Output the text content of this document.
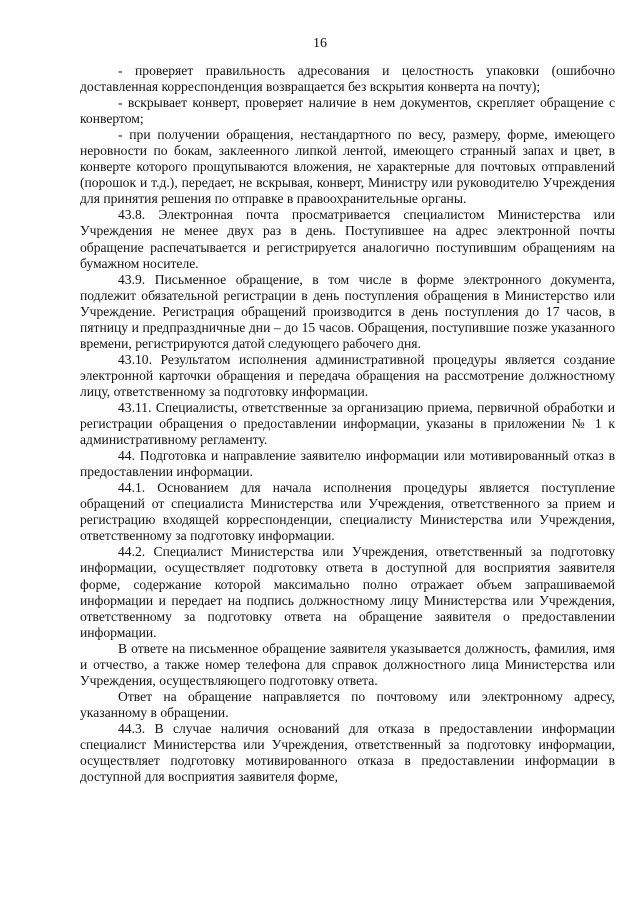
16

- проверяет правильность адресования и целостность упаковки (ошибочно доставленная корреспонденция возвращается без вскрытия конверта на почту);

- вскрывает конверт, проверяет наличие в нем документов, скрепляет обращение с конвертом;

- при получении обращения, нестандартного по весу, размеру, форме, имеющего неровности по бокам, заклеенного липкой лентой, имеющего странный запах и цвет, в конверте которого прощупываются вложения, не характерные для почтовых отправлений (порошок и т.д.), передает, не вскрывая, конверт, Министру или руководителю Учреждения для принятия решения по отправке в правоохранительные органы.

43.8. Электронная почта просматривается специалистом Министерства или Учреждения не менее двух раз в день. Поступившее на адрес электронной почты обращение распечатывается и регистрируется аналогично поступившим обращениям на бумажном носителе.

43.9. Письменное обращение, в том числе в форме электронного документа, подлежит обязательной регистрации в день поступления обращения в Министерство или Учреждение. Регистрация обращений производится в день поступления до 17 часов, в пятницу и предпраздничные дни – до 15 часов. Обращения, поступившие позже указанного времени, регистрируются датой следующего рабочего дня.

43.10. Результатом исполнения административной процедуры является создание электронной карточки обращения и передача обращения на рассмотрение должностному лицу, ответственному за подготовку информации.

43.11. Специалисты, ответственные за организацию приема, первичной обработки и регистрации обращения о предоставлении информации, указаны в приложении № 1 к административному регламенту.

44. Подготовка и направление заявителю информации или мотивированный отказ в предоставлении информации.

44.1. Основанием для начала исполнения процедуры является поступление обращений от специалиста Министерства или Учреждения, ответственного за прием и регистрацию входящей корреспонденции, специалисту Министерства или Учреждения, ответственному за подготовку информации.

44.2. Специалист Министерства или Учреждения, ответственный за подготовку информации, осуществляет подготовку ответа в доступной для восприятия заявителя форме, содержание которой максимально полно отражает объем запрашиваемой информации и передает на подпись должностному лицу Министерства или Учреждения, ответственному за подготовку ответа на обращение заявителя о предоставлении информации.

В ответе на письменное обращение заявителя указывается должность, фамилия, имя и отчество, а также номер телефона для справок должностного лица Министерства или Учреждения, осуществляющего подготовку ответа.

Ответ на обращение направляется по почтовому или электронному адресу, указанному в обращении.

44.3. В случае наличия оснований для отказа в предоставлении информации специалист Министерства или Учреждения, ответственный за подготовку информации, осуществляет подготовку мотивированного отказа в предоставлении информации в доступной для восприятия заявителя форме,
